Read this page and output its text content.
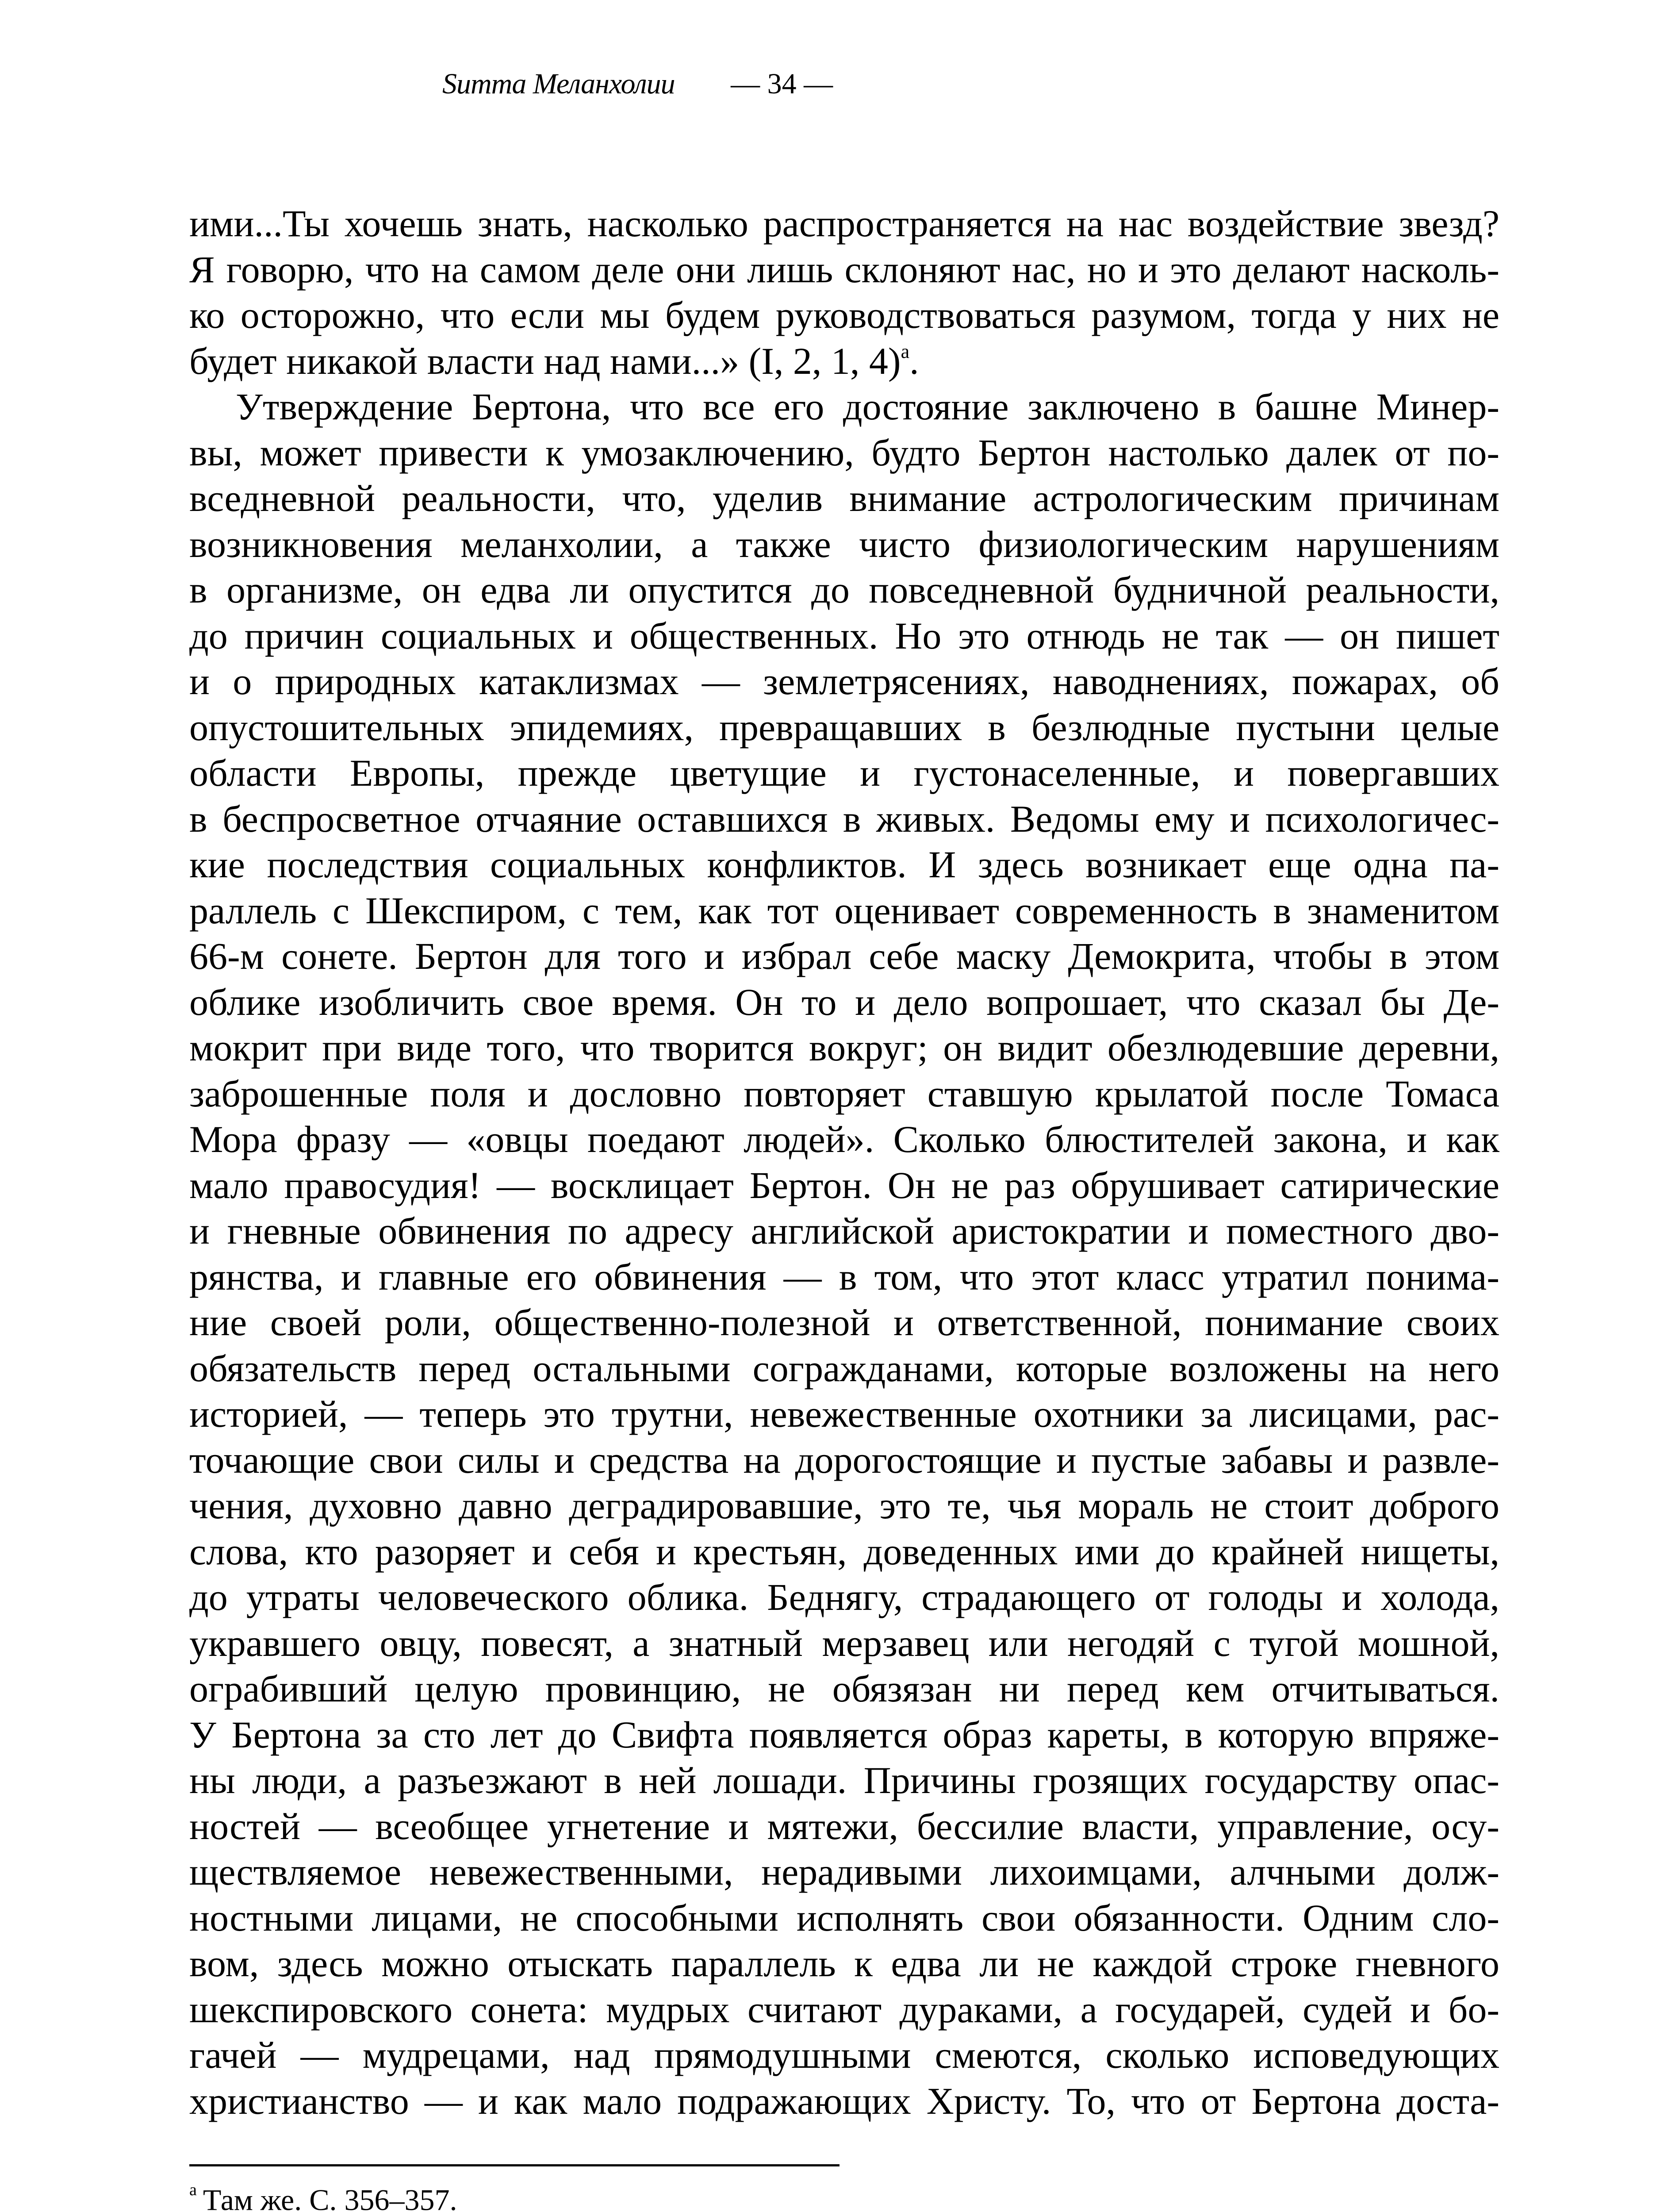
Summa Меланхолии — 34 —
ими...Ты хочешь знать, насколько распространяется на нас воздействие звезд?
Я говорю, что на самом деле они лишь склоняют нас, но и это делают насколь-
ко осторожно, что если мы будем руководствоваться разумом, тогда у них не
будет никакой власти над нами...» (I, 2, 1, 4)$^a$.
Утверждение Бертона, что все его достояние заключено в башне Минер-
вы, может привести к умозаключению, будто Бертон настолько далек от по-
вседневной реальности, что, уделив внимание астрологическим причинам
возникновения меланхолии, а также чисто физиологическим нарушениям
в организме, он едва ли опустится до повседневной будничной реальности,
до причин социальных и общественных. Но это отнюдь не так — он пишет
и о природных катаклизмах — землетрясениях, наводнениях, пожарах, об
опустошительных эпидемиях, превращавших в безлюдные пустыни целые
области Европы, прежде цветущие и густонаселенные, и повергавших
в беспросветное отчаяние оставшихся в живых. Ведомы ему и психологичес-
кие последствия социальных конфликтов. И здесь возникает еще одна па-
раллель с Шекспиром, с тем, как тот оценивает современность в знаменитом
66-м сонете. Бертон для того и избрал себе маску Демокрита, чтобы в этом
облике изобличить свое время. Он то и дело вопрошает, что сказал бы Де-
мокрит при виде того, что творится вокруг; он видит обезлюдевшие деревни,
заброшенные поля и дословно повторяет ставшую крылатой после Томаса
Мора фразу — «овцы поедают людей». Сколько блюстителей закона, и как
мало правосудия! — восклицает Бертон. Он не раз обрушивает сатирические
и гневные обвинения по адресу английской аристократии и поместного дво-
рянства, и главные его обвинения — в том, что этот класс утратил понима-
ние своей роли, общественно-полезной и ответственной, понимание своих
обязательств перед остальными согражданами, которые возложены на него
историей, — теперь это трутни, невежественные охотники за лисицами, рас-
точающие свои силы и средства на дорогостоящие и пустые забавы и развле-
чения, духовно давно деградировавшие, это те, чья мораль не стоит доброго
слова, кто разоряет и себя и крестьян, доведенных ими до крайней нищеты,
до утраты человеческого облика. Беднягу, страдающего от голоды и холода,
укравшего овцу, повесят, а знатный мерзавец или негодяй с тугой мошной,
ограбивший целую провинцию, не обязязан ни перед кем отчитываться.
У Бертона за сто лет до Свифта появляется образ кареты, в которую впряже-
ны люди, а разъезжают в ней лошади. Причины грозящих государству опас-
ностей — всеобщее угнетение и мятежи, бессилие власти, управление, осу-
ществляемое невежественными, нерадивыми лихоимцами, алчными долж-
ностными лицами, не способными исполнять свои обязанности. Одним сло-
вом, здесь можно отыскать параллель к едва ли не каждой строке гневного
шекспировского сонета: мудрых считают дураками, а государей, судей и бо-
гачей — мудрецами, над прямодушными смеются, сколько исповедующих
христианство — и как мало подражающих Христу. То, что от Бертона доста-
$^a$ Там же. С. 356–357.
